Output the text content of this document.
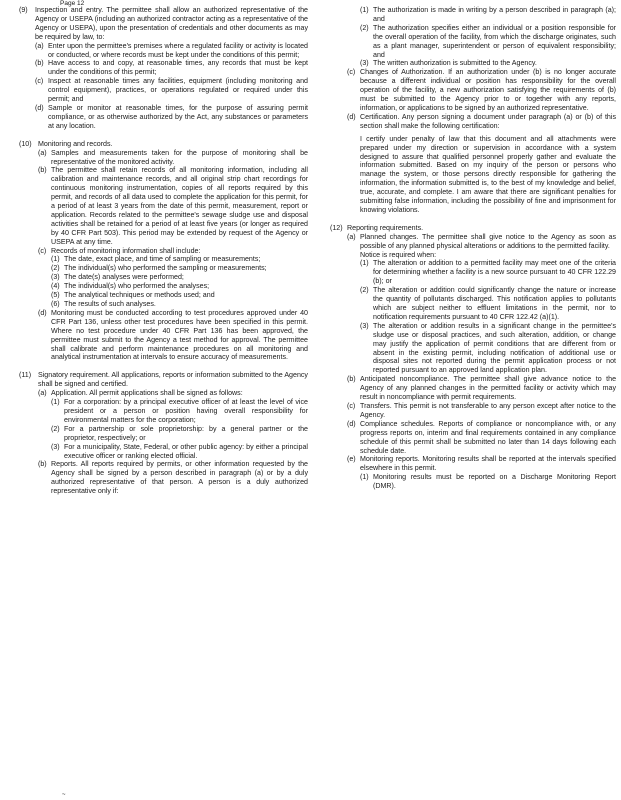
Page 12
(9)	Inspection and entry. The permittee shall allow an authorized representative of the Agency or USEPA (including an authorized contractor acting as a representative of the Agency or USEPA), upon the presentation of credentials and other documents as may be required by law, to:
(a) Enter upon the permittee's premises where a regulated facility or activity is located or conducted, or where records must be kept under the conditions of this permit;
(b) Have access to and copy, at reasonable times, any records that must be kept under the conditions of this permit;
(c) Inspect at reasonable times any facilities, equipment (including monitoring and control equipment), practices, or operations regulated or required under this permit; and
(d) Sample or monitor at reasonable times, for the purpose of assuring permit compliance, or as otherwise authorized by the Act, any substances or parameters at any location.
(10) Monitoring and records.
(a) Samples and measurements taken for the purpose of monitoring shall be representative of the monitored activity.
(b) The permittee shall retain records of all monitoring information, including all calibration and maintenance records, and all original strip chart recordings for continuous monitoring instrumentation, copies of all reports required by this permit, and records of all data used to complete the application for this permit, for a period of at least 3 years from the date of this permit, measurement, report or application. Records related to the permittee's sewage sludge use and disposal activities shall be retained for a period of at least five years (or longer as required by 40 CFR Part 503). This period may be extended by request of the Agency or USEPA at any time.
(c) Records of monitoring information shall include:
(1) The date, exact place, and time of sampling or measurements;
(2) The individual(s) who performed the sampling or measurements;
(3) The date(s) analyses were performed;
(4) The individual(s) who performed the analyses;
(5) The analytical techniques or methods used; and
(6) The results of such analyses.
(d) Monitoring must be conducted according to test procedures approved under 40 CFR Part 136, unless other test procedures have been specified in this permit. Where no test procedure under 40 CFR Part 136 has been approved, the permittee must submit to the Agency a test method for approval. The permittee shall calibrate and perform maintenance procedures on all monitoring and analytical instrumentation at intervals to ensure accuracy of measurements.
(11) Signatory requirement. All applications, reports or information submitted to the Agency shall be signed and certified.
(a) Application. All permit applications shall be signed as follows:
(1) For a corporation: by a principal executive officer of at least the level of vice president or a person or position having overall responsibility for environmental matters for the corporation;
(2) For a partnership or sole proprietorship: by a general partner or the proprietor, respectively; or
(3) For a municipality, State, Federal, or other public agency: by either a principal executive officer or ranking elected official.
(b) Reports. All reports required by permits, or other information requested by the Agency shall be signed by a person described in paragraph (a) or by a duly authorized representative of that person. A person is a duly authorized representative only if:
(1) The authorization is made in writing by a person described in paragraph (a); and
(2) The authorization specifies either an individual or a position responsible for the overall operation of the facility, from which the discharge originates, such as a plant manager, superintendent or person of equivalent responsibility; and
(3) The written authorization is submitted to the Agency.
(c) Changes of Authorization. If an authorization under (b) is no longer accurate because a different individual or position has responsibility for the overall operation of the facility, a new authorization satisfying the requirements of (b) must be submitted to the Agency prior to or together with any reports, information, or applications to be signed by an authorized representative.
(d) Certification. Any person signing a document under paragraph (a) or (b) of this section shall make the following certification:
I certify under penalty of law that this document and all attachments were prepared under my direction or supervision in accordance with a system designed to assure that qualified personnel properly gather and evaluate the information submitted. Based on my inquiry of the person or persons who manage the system, or those persons directly responsible for gathering the information, the information submitted is, to the best of my knowledge and belief, true, accurate, and complete. I am aware that there are significant penalties for submitting false information, including the possibility of fine and imprisonment for knowing violations.
(12) Reporting requirements.
(a) Planned changes. The permittee shall give notice to the Agency as soon as possible of any planned physical alterations or additions to the permitted facility.
Notice is required when:
(1) The alteration or addition to a permitted facility may meet one of the criteria for determining whether a facility is a new source pursuant to 40 CFR 122.29 (b); or
(2) The alteration or addition could significantly change the nature or increase the quantity of pollutants discharged. This notification applies to pollutants which are subject neither to effluent limitations in the permit, nor to notification requirements pursuant to 40 CFR 122.42 (a)(1).
(3) The alteration or addition results in a significant change in the permittee's sludge use or disposal practices, and such alteration, addition, or change may justify the application of permit conditions that are different from or absent in the existing permit, including notification of additional use or disposal sites not reported during the permit application process or not reported pursuant to an approved land application plan.
(b) Anticipated noncompliance. The permittee shall give advance notice to the Agency of any planned changes in the permitted facility or activity which may result in noncompliance with permit requirements.
(c) Transfers. This permit is not transferable to any person except after notice to the Agency.
(d) Compliance schedules. Reports of compliance or noncompliance with, or any progress reports on, interim and final requirements contained in any compliance schedule of this permit shall be submitted no later than 14 days following each schedule date.
(e) Monitoring reports. Monitoring results shall be reported at the intervals specified elsewhere in this permit.
(1) Monitoring results must be reported on a Discharge Monitoring Report (DMR).
~
